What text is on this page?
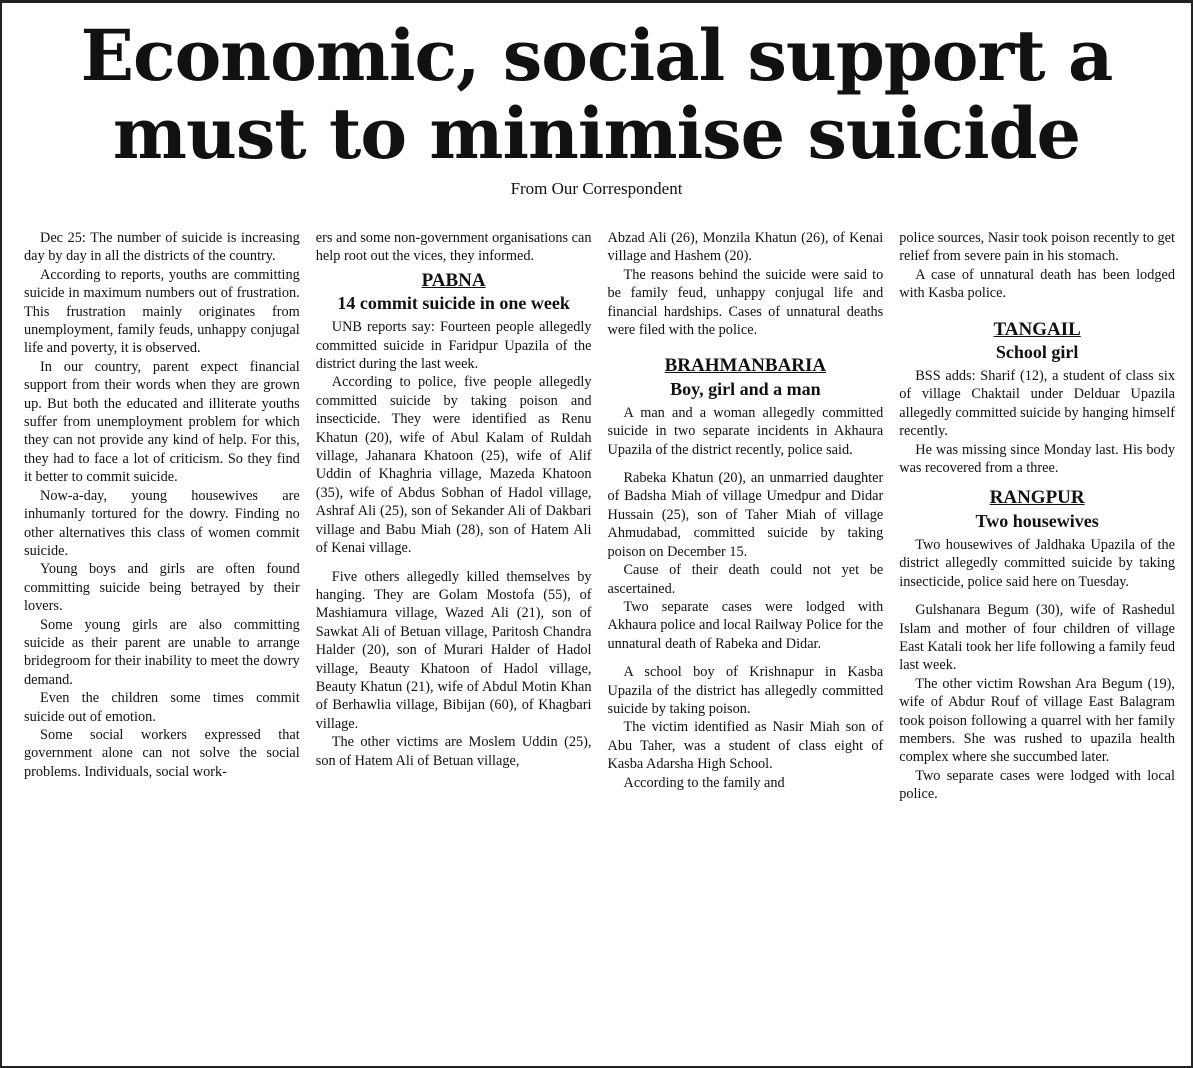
Economic, social support a
must to minimise suicide
From Our Correspondent

Dec 25: The number of suicide is increasing day by day in all the districts of the country.

According to reports, youths are committing suicide in maximum numbers out of frustration. This frustration mainly originates from unemployment, family feuds, unhappy conjugal life and poverty, it is observed.

In our country, parent expect financial support from their words when they are grown up. But both the educated and illiterate youths suffer from unemployment problem for which they can not provide any kind of help. For this, they had to face a lot of criticism. So they find it better to commit suicide.

Now-a-day, young housewives are inhumanly tortured for the dowry. Finding no other alternatives this class of women commit suicide.

Young boys and girls are often found committing suicide being betrayed by their lovers.

Some young girls are also committing suicide as their parent are unable to arrange bridegroom for their inability to meet the dowry demand.

Even the children some times commit suicide out of emotion.

Some social workers expressed that government alone can not solve the social problems. Individuals, social work-

ers and some non-government organisations can help root out the vices, they informed.

PABNA
14 commit suicide in one week

UNB reports say: Fourteen people allegedly committed suicide in Faridpur Upazila of the district during the last week.

According to police, five people allegedly committed suicide by taking poison and insecticide. They were identified as Renu Khatun (20), wife of Abul Kalam of Ruldah village, Jahanara Khatoon (25), wife of Alif Uddin of Khaghria village, Mazeda Khatoon (35), wife of Abdus Sobhan of Hadol village, Ashraf Ali (25), son of Sekander Ali of Dakbari village and Babu Miah (28), son of Hatem Ali of Kenai village.

Five others allegedly killed themselves by hanging. They are Golam Mostofa (55), of Mashiamura village, Wazed Ali (21), son of Sawkat Ali of Betuan village, Paritosh Chandra Halder (20), son of Murari Halder of Hadol village, Beauty Khatoon of Hadol village, Beauty Khatun (21), wife of Abdul Motin Khan of Berhawlia village, Bibijan (60), of Khagbari village.

The other victims are Moslem Uddin (25), son of Hatem Ali of Betuan village,

Abzad Ali (26), Monzila Khatun (26), of Kenai village and Hashem (20).

The reasons behind the suicide were said to be family feud, unhappy conjugal life and financial hardships. Cases of unnatural deaths were filed with the police.

BRAHMANBARIA
Boy, girl and a man

A man and a woman allegedly committed suicide in two separate incidents in Akhaura Upazila of the district recently, police said.

Rabeka Khatun (20), an unmarried daughter of Badsha Miah of village Umedpur and Didar Hussain (25), son of Taher Miah of village Ahmudabad, committed suicide by taking poison on December 15.

Cause of their death could not yet be ascertained.

Two separate cases were lodged with Akhaura police and local Railway Police for the unnatural death of Rabeka and Didar.

A school boy of Krishnapur in Kasba Upazila of the district has allegedly committed suicide by taking poison.

The victim identified as Nasir Miah son of Abu Taher, was a student of class eight of Kasba Adarsha High School.

According to the family and

police sources, Nasir took poison recently to get relief from severe pain in his stomach.

A case of unnatural death has been lodged with Kasba police.

TANGAIL
School girl

BSS adds: Sharif (12), a student of class six of village Chaktail under Delduar Upazila allegedly committed suicide by hanging himself recently.

He was missing since Monday last. His body was recovered from a three.

RANGPUR
Two housewives

Two housewives of Jaldhaka Upazila of the district allegedly committed suicide by taking insecticide, police said here on Tuesday.

Gulshanara Begum (30), wife of Rashedul Islam and mother of four children of village East Katali took her life following a family feud last week.

The other victim Rowshan Ara Begum (19), wife of Abdur Rouf of village East Balagram took poison following a quarrel with her family members. She was rushed to upazila health complex where she succumbed later.

Two separate cases were lodged with local police.
